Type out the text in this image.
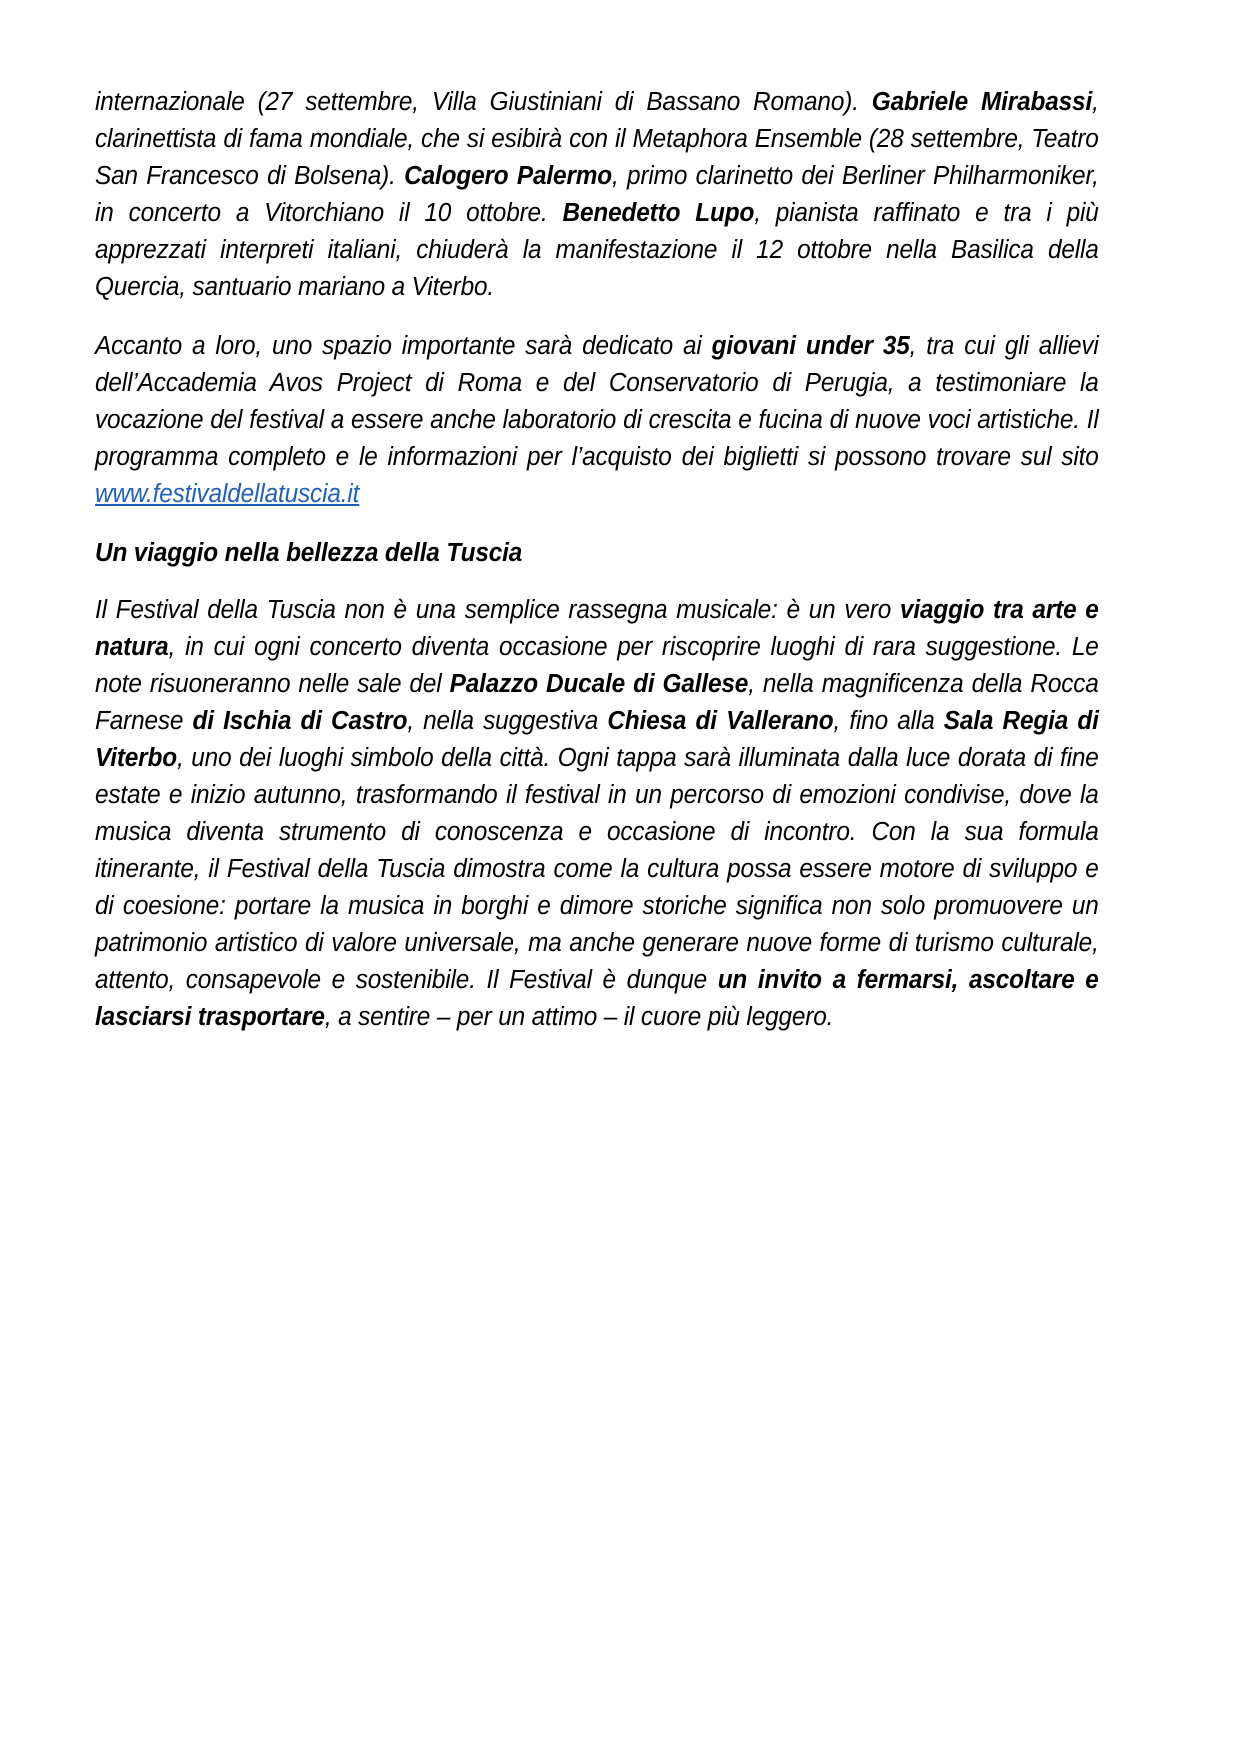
internazionale (27 settembre, Villa Giustiniani di Bassano Romano). Gabriele Mirabassi, clarinettista di fama mondiale, che si esibirà con il Metaphora Ensemble (28 settembre, Teatro San Francesco di Bolsena). Calogero Palermo, primo clarinetto dei Berliner Philharmoniker, in concerto a Vitorchiano il 10 ottobre. Benedetto Lupo, pianista raffinato e tra i più apprezzati interpreti italiani, chiuderà la manifestazione il 12 ottobre nella Basilica della Quercia, santuario mariano a Viterbo.

Accanto a loro, uno spazio importante sarà dedicato ai giovani under 35, tra cui gli allievi dell’Accademia Avos Project di Roma e del Conservatorio di Perugia, a testimoniare la vocazione del festival a essere anche laboratorio di crescita e fucina di nuove voci artistiche. Il programma completo e le informazioni per l’acquisto dei biglietti si possono trovare sul sito www.festivaldellatuscia.it

Un viaggio nella bellezza della Tuscia

Il Festival della Tuscia non è una semplice rassegna musicale: è un vero viaggio tra arte e natura, in cui ogni concerto diventa occasione per riscoprire luoghi di rara suggestione. Le note risuoneranno nelle sale del Palazzo Ducale di Gallese, nella magnificenza della Rocca Farnese di Ischia di Castro, nella suggestiva Chiesa di Vallerano, fino alla Sala Regia di Viterbo, uno dei luoghi simbolo della città. Ogni tappa sarà illuminata dalla luce dorata di fine estate e inizio autunno, trasformando il festival in un percorso di emozioni condivise, dove la musica diventa strumento di conoscenza e occasione di incontro. Con la sua formula itinerante, il Festival della Tuscia dimostra come la cultura possa essere motore di sviluppo e di coesione: portare la musica in borghi e dimore storiche significa non solo promuovere un patrimonio artistico di valore universale, ma anche generare nuove forme di turismo culturale, attento, consapevole e sostenibile. Il Festival è dunque un invito a fermarsi, ascoltare e lasciarsi trasportare, a sentire – per un attimo – il cuore più leggero.
